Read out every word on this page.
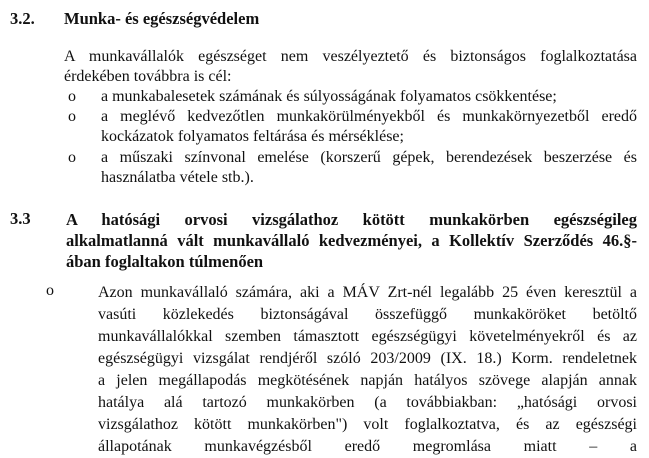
3.2. Munka- és egészségvédelem
A munkavállalók egészséget nem veszélyeztető és biztonságos foglalkoztatása
érdekében továbbra is cél:
o	a munkabalesetek számának és súlyosságának folyamatos csökkentése;
o	a meglévő kedvezőtlen munkakörülményekből és munkakörnyezetből eredő
kockázatok folyamatos feltárása és mérséklése;
o	a műszaki színvonal emelése (korszerű gépek, berendezések beszerzése és
használatba vétele stb.).
3.3 A hatósági orvosi vizsgálathoz kötött munkakörben egészségileg
alkalmatlanná vált munkavállaló kedvezményei, a Kollektív Szerződés 46.§-
ában foglaltakon túlmenően
o	Azon munkavállaló számára, aki a MÁV Zrt-nél legalább 25 éven keresztül a
vasúti közlekedés biztonságával összefüggő munkaköröket betöltő
munkavállalókkal szemben támasztott egészségügyi követelményekről és az
egészségügyi vizsgálat rendjéről szóló 203/2009 (IX. 18.) Korm. rendeletnek
a jelen megállapodás megkötésének napján hatályos szövege alapján annak
hatálya alá tartozó munkakörben (a továbbiakban: „hatósági orvosi
vizsgálathoz kötött munkakörben") volt foglalkoztatva, és az egészségi
állapotának munkavégzésből eredő megromlása miatt – a
